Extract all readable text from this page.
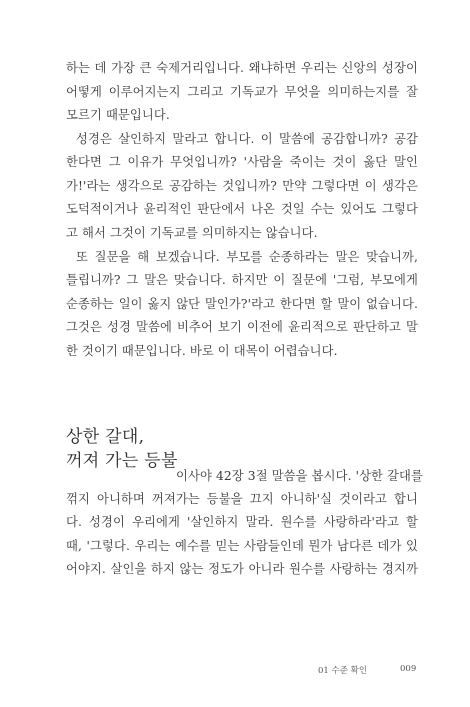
하는 데 가장 큰 숙제거리입니다. 왜냐하면 우리는 신앙의 성장이
어떻게 이루어지는지 그리고 기독교가 무엇을 의미하는지를 잘
모르기 때문입니다.
성경은 살인하지 말라고 합니다. 이 말씀에 공감합니까? 공감
한다면 그 이유가 무엇입니까? '사람을 죽이는 것이 옳단 말인
가!'라는 생각으로 공감하는 것입니까? 만약 그렇다면 이 생각은
도덕적이거나 윤리적인 판단에서 나온 것일 수는 있어도 그렇다
고 해서 그것이 기독교를 의미하지는 않습니다.
또 질문을 해 보겠습니다. 부모를 순종하라는 말은 맞습니까,
틀립니까? 그 말은 맞습니다. 하지만 이 질문에 '그럼, 부모에게
순종하는 일이 옳지 않단 말인가?'라고 한다면 할 말이 없습니다.
그것은 성경 말씀에 비추어 보기 이전에 윤리적으로 판단하고 말
한 것이기 때문입니다. 바로 이 대목이 어렵습니다.
상한 갈대,
꺼져 가는 등불
이사야 42장 3절 말씀을 봅시다. '상한 갈대를
꺾지 아니하며 꺼져가는 등불을 끄지 아니하'실 것이라고 합니
다. 성경이 우리에게 '살인하지 말라. 원수를 사랑하라'라고 할
때, '그렇다. 우리는 예수를 믿는 사람들인데 뭔가 남다른 데가 있
어야지. 살인을 하지 않는 정도가 아니라 원수를 사랑하는 경지까
01 수준 확인	009
